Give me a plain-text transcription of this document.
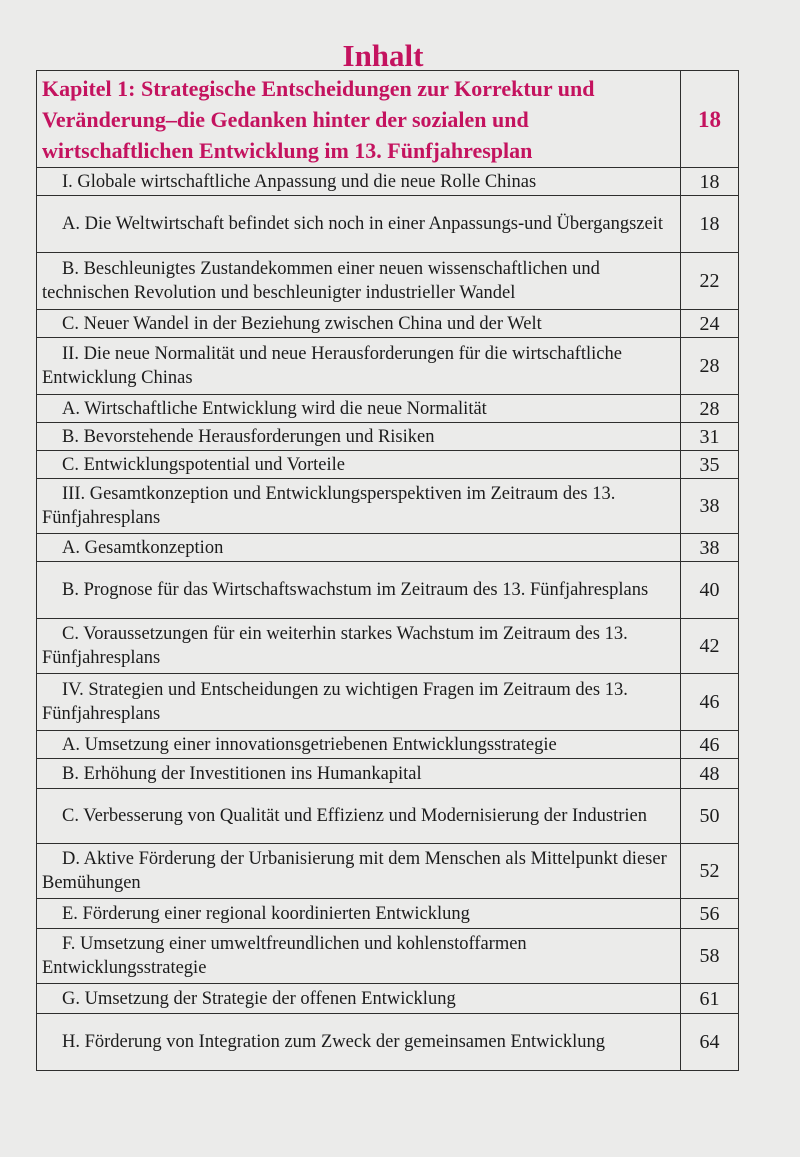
Inhalt
Kapitel 1: Strategische Entscheidungen zur Korrektur und Veränderung–die Gedanken hinter der sozialen und wirtschaftlichen Entwicklung im 13. Fünfjahresplan	18
I. Globale wirtschaftliche Anpassung und die neue Rolle Chinas	18
A. Die Weltwirtschaft befindet sich noch in einer Anpassungs-und Übergangszeit	18
B. Beschleunigtes Zustandekommen einer neuen wissenschaftlichen und technischen Revolution und beschleunigter industrieller Wandel	22
C. Neuer Wandel in der Beziehung zwischen China und der Welt	24
II. Die neue Normalität und neue Herausforderungen für die wirtschaftliche Entwicklung Chinas	28
A. Wirtschaftliche Entwicklung wird die neue Normalität	28
B. Bevorstehende Herausforderungen und Risiken	31
C. Entwicklungspotential und Vorteile	35
III. Gesamtkonzeption und Entwicklungsperspektiven im Zeitraum des 13. Fünfjahresplans	38
A. Gesamtkonzeption	38
B. Prognose für das Wirtschaftswachstum im Zeitraum des 13. Fünfjahresplans	40
C. Voraussetzungen für ein weiterhin starkes Wachstum im Zeitraum des 13. Fünfjahresplans	42
IV. Strategien und Entscheidungen zu wichtigen Fragen im Zeitraum des 13. Fünfjahresplans	46
A. Umsetzung einer innovationsgetriebenen Entwicklungsstrategie	46
B. Erhöhung der Investitionen ins Humankapital	48
C. Verbesserung von Qualität und Effizienz und Modernisierung der Industrien	50
D. Aktive Förderung der Urbanisierung mit dem Menschen als Mittelpunkt dieser Bemühungen	52
E. Förderung einer regional koordinierten Entwicklung	56
F. Umsetzung einer umweltfreundlichen und kohlenstoffarmen Entwicklungsstrategie	58
G. Umsetzung der Strategie der offenen Entwicklung	61
H. Förderung von Integration zum Zweck der gemeinsamen Entwicklung	64
